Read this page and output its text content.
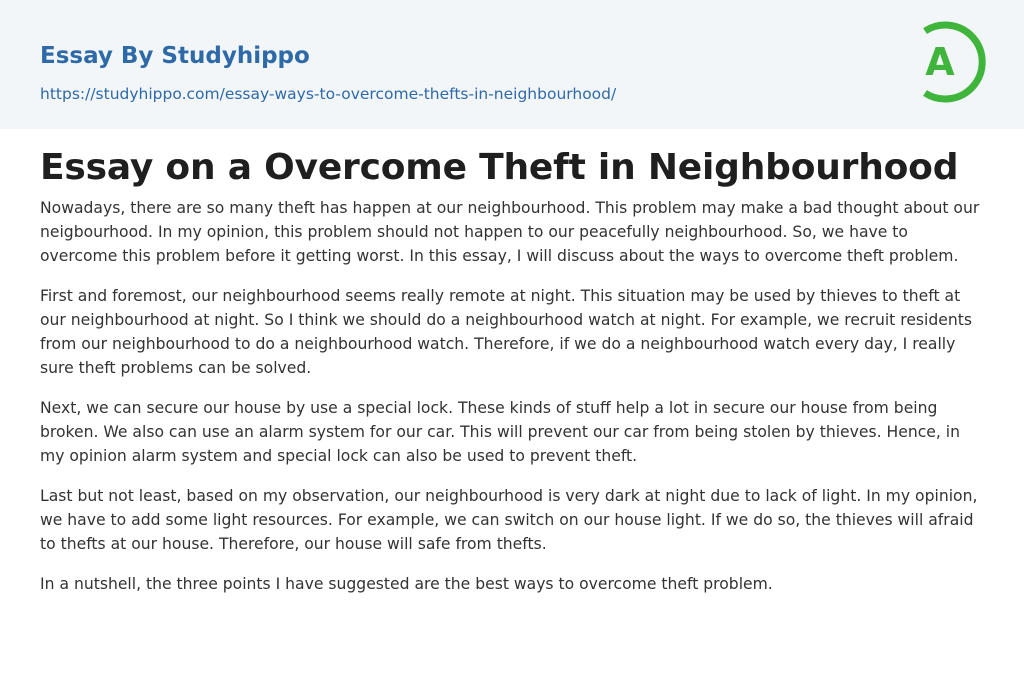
Essay By Studyhippo
https://studyhippo.com/essay-ways-to-overcome-thefts-in-neighbourhood/
A
Essay on a Overcome Theft in Neighbourhood

Nowadays, there are so many theft has happen at our neighbourhood. This problem may make a bad thought about our neigbourhood. In my opinion, this problem should not happen to our peacefully neighbourhood. So, we have to overcome this problem before it getting worst. In this essay, I will discuss about the ways to overcome theft problem.

First and foremost, our neighbourhood seems really remote at night. This situation may be used by thieves to theft at our neighbourhood at night. So I think we should do a neighbourhood watch at night. For example, we recruit residents from our neighbourhood to do a neighbourhood watch. Therefore, if we do a neighbourhood watch every day, I really sure theft problems can be solved.

Next, we can secure our house by use a special lock. These kinds of stuff help a lot in secure our house from being broken. We also can use an alarm system for our car. This will prevent our car from being stolen by thieves. Hence, in my opinion alarm system and special lock can also be used to prevent theft.

Last but not least, based on my observation, our neighbourhood is very dark at night due to lack of light. In my opinion, we have to add some light resources. For example, we can switch on our house light. If we do so, the thieves will afraid to thefts at our house. Therefore, our house will safe from thefts.

In a nutshell, the three points I have suggested are the best ways to overcome theft problem.
